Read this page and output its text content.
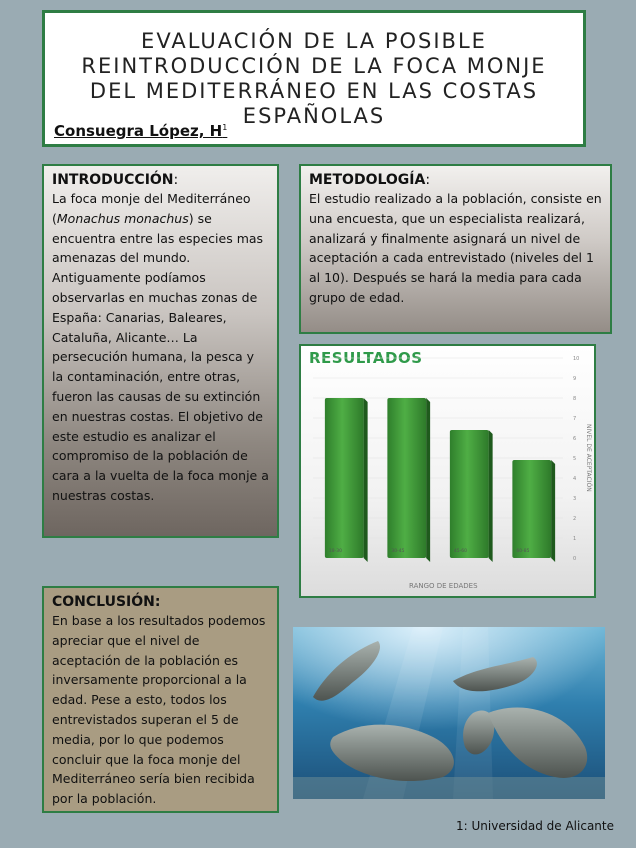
EVALUACIÓN DE LA POSIBLE REINTRODUCCIÓN DE LA FOCA MONJE DEL MEDITERRÁNEO EN LAS COSTAS ESPAÑOLAS
Consuegra López, $H^1$
INTRODUCCIÓN:

La foca monje del Mediterráneo (Monachus monachus) se encuentra entre las especies mas amenazas del mundo. Antiguamente podíamos observarlas en muchas zonas de España: Canarias, Baleares, Cataluña, Alicante… La persecución humana, la pesca y la contaminación, entre otras, fueron las causas de su extinción en nuestras costas. El objetivo de este estudio es analizar el compromiso de la población de cara a la vuelta de la foca monje a nuestras costas.

METODOLOGÍA:

El estudio realizado a la población, consiste en una encuesta, que un especialista realizará, analizará y finalmente asignará un nivel de aceptación a cada entrevistado (niveles del 1 al 10). Después se hará la media para cada grupo de edad.

RESULTADOS
0
1
2
3
4
5
6
7
8
9
10
18-30	30-45	45-60	60-85
RANGO DE EDADES
NIVEL DE ACEPTACIÓN
CONCLUSIÓN:

En base a los resultados podemos apreciar que el nivel de aceptación de la población es inversamente proporcional a la edad. Pese a esto, todos los entrevistados superan el 5 de media, por lo que podemos concluir que la foca monje del Mediterráneo sería bien recibida por la población.

1: Universidad de Alicante
